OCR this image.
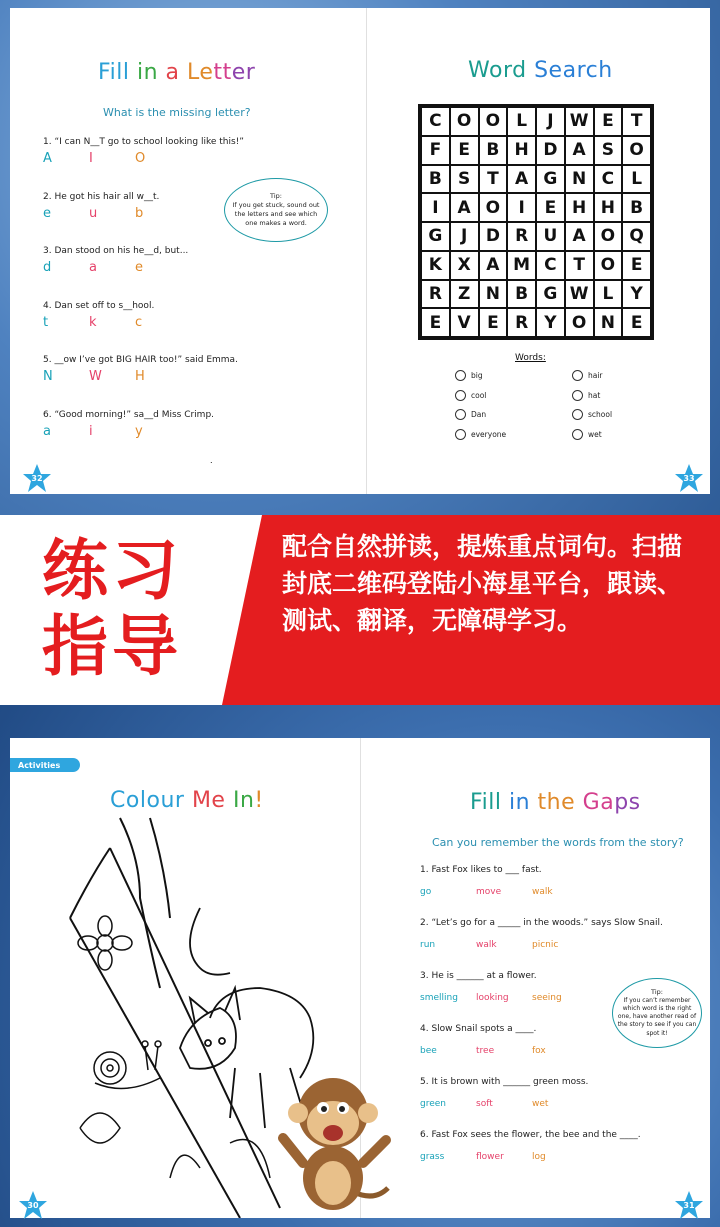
Fill in a Letter
What is the missing letter?
1. “I can N__T go to school looking like this!”
A	I	O
2. He got his hair all w__t.
e	u	b
3. Dan stood on his he__d, but...
d	a	e
4. Dan set off to s__hool.
t	k	c
5. __ow I’ve got BIG HAIR too!” said Emma.
N	W	H
6. “Good morning!” sa__d Miss Crimp.
a	i	y
Tip:
If you get stuck, sound out the letters and see which one makes a word.
.
32
Word Search
C O O L	J W E	T
F	E B H D A S O
B S T A G N C	L
I	A O	I	E H H B
G	J	D R U A O Q
K X A M C T O E
R Z N B G W L	Y
E V E R Y O N E
Words:
big
cool
Dan
everyone
hair
hat
school
wet
33
练习
指导
配合自然拼读，提炼重点词句。扫描封底二维码登陆小海星平台，跟读、测试、翻译，无障碍学习。
Colour Me In!
30
Fill in the Gaps
Can you remember the words from the story?
1. Fast Fox likes to ___ fast.
go	move	walk
2. “Let’s go for a _____ in the woods.” says Slow Snail.
run	walk	picnic
3. He is ______ at a flower.
smelling	looking	seeing
4. Slow Snail spots a ____.
bee	tree	fox
5. It is brown with ______ green moss.
green	soft	wet
6. Fast Fox sees the flower, the bee and the ____.
grass	flower	log
Tip:
If you can’t remember which word is the right one, have another read of the story to see if you can spot it!
31
Activities
